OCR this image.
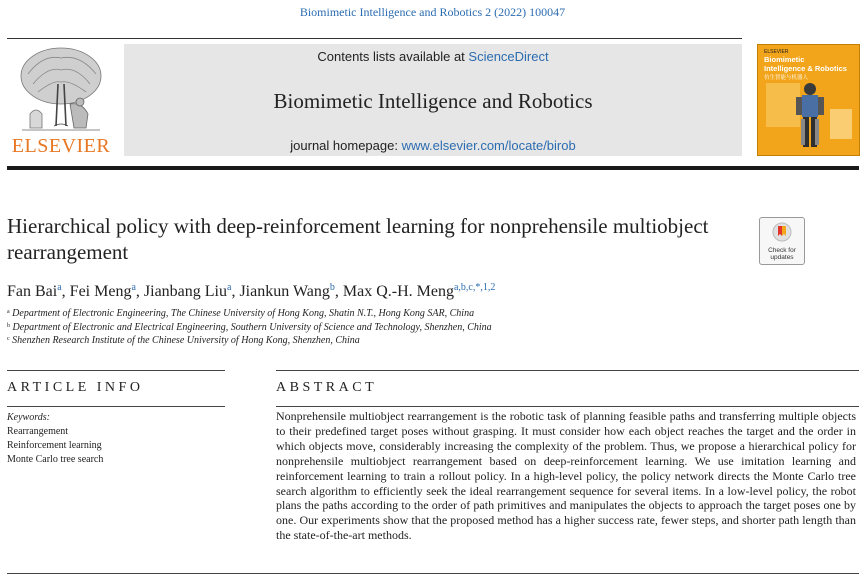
Biomimetic Intelligence and Robotics 2 (2022) 100047
ELSEVIER
Contents lists available at ScienceDirect
Biomimetic Intelligence and Robotics
journal homepage: www.elsevier.com/locate/birob
ELSEVIER
Biomimetic
Intelligence & Robotics
仿生智能与机器人
Hierarchical policy with deep-reinforcement learning for nonprehensile multiobject rearrangement	Check for
updates
Fan Bai$^a$, Fei Meng$^a$, Jianbang Liu$^a$, Jiankun Wang$^b$, Max Q.-H. Meng$^{a,b,c,*,1,2}$
$^a$ Department of Electronic Engineering, The Chinese University of Hong Kong, Shatin N.T., Hong Kong SAR, China
$^b$ Department of Electronic and Electrical Engineering, Southern University of Science and Technology, Shenzhen, China
$^c$ Shenzhen Research Institute of the Chinese University of Hong Kong, Shenzhen, China
ARTICLE INFO	ABSTRACT
Keywords:
Rearrangement
Reinforcement learning
Monte Carlo tree search

Nonprehensile multiobject rearrangement is the robotic task of planning feasible paths and transferring multiple objects to their predefined target poses without grasping. It must consider how each object reaches the target and the order in which objects move, considerably increasing the complexity of the problem. Thus, we propose a hierarchical policy for nonprehensile multiobject rearrangement based on deep-reinforcement learning. We use imitation learning and reinforcement learning to train a rollout policy. In a high-level policy, the policy network directs the Monte Carlo tree search algorithm to efficiently seek the ideal rearrangement sequence for several items. In a low-level policy, the robot plans the paths according to the order of path primitives and manipulates the objects to approach the target poses one by one. Our experiments show that the proposed method has a higher success rate, fewer steps, and shorter path length than the state-of-the-art methods.
